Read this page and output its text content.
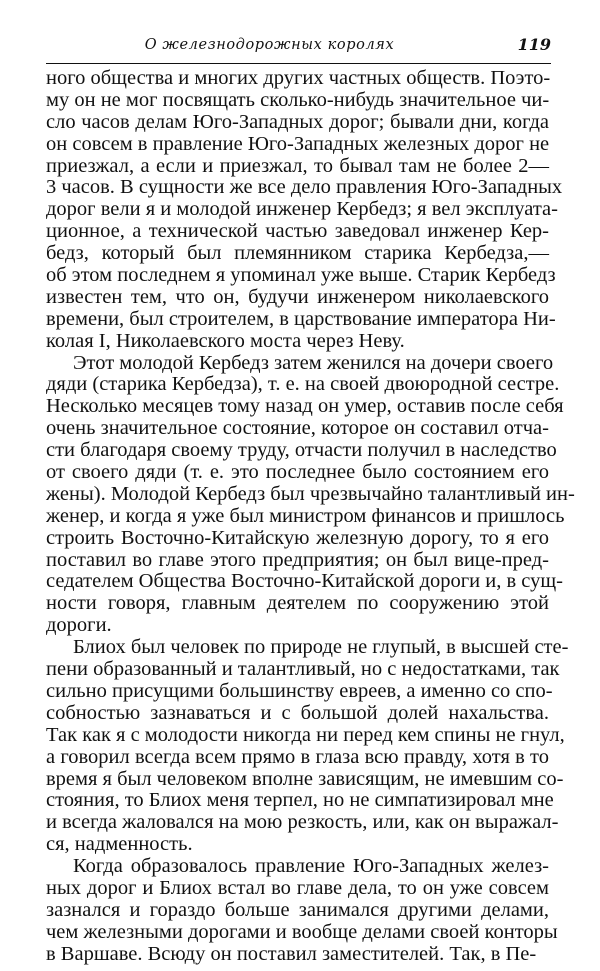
О железнодорожных королях	119
ного общества и многих других частных обществ. Поэто-
му он не мог посвящать сколько-нибудь значительное чи-
сло часов делам Юго-Западных дорог; бывали дни, когда
он совсем в правление Юго-Западных железных дорог не
приезжал, а если и приезжал, то бывал там не более 2—
3 часов. В сущности же все дело правления Юго-Западных
дорог вели я и молодой инженер Кербедз; я вел эксплуата-
ционное, а технической частью заведовал инженер Кер-
бедз, который был племянником старика Кербедза,—
об этом последнем я упоминал уже выше. Старик Кербедз
известен тем, что он, будучи инженером николаевского
времени, был строителем, в царствование императора Ни-
колая I, Николаевского моста через Неву.
Этот молодой Кербедз затем женился на дочери своего
дяди (старика Кербедза), т. е. на своей двоюродной сестре.
Несколько месяцев тому назад он умер, оставив после себя
очень значительное состояние, которое он составил отча-
сти благодаря своему труду, отчасти получил в наследство
от своего дяди (т. е. это последнее было состоянием его
жены). Молодой Кербедз был чрезвычайно талантливый ин-
женер, и когда я уже был министром финансов и пришлось
строить Восточно-Китайскую железную дорогу, то я его
поставил во главе этого предприятия; он был вице-пред-
седателем Общества Восточно-Китайской дороги и, в сущ-
ности говоря, главным деятелем по сооружению этой
дороги.
Блиох был человек по природе не глупый, в высшей сте-
пени образованный и талантливый, но с недостатками, так
сильно присущими большинству евреев, а именно со спо-
собностью зазнаваться и с большой долей нахальства.
Так как я с молодости никогда ни перед кем спины не гнул,
а говорил всегда всем прямо в глаза всю правду, хотя в то
время я был человеком вполне зависящим, не имевшим со-
стояния, то Блиох меня терпел, но не симпатизировал мне
и всегда жаловался на мою резкость, или, как он выражал-
ся, надменность.
Когда образовалось правление Юго-Западных желез-
ных дорог и Блиох встал во главе дела, то он уже совсем
зазнался и гораздо больше занимался другими делами,
чем железными дорогами и вообще делами своей конторы
в Варшаве. Всюду он поставил заместителей. Так, в Пе-
